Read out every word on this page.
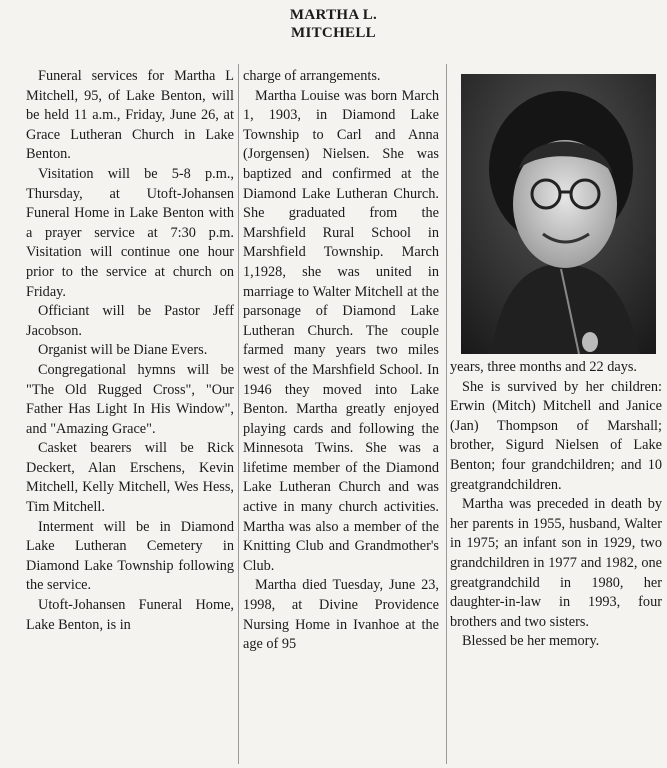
MARTHA L.
MITCHELL

Funeral services for Martha L Mitchell, 95, of Lake Benton, will be held 11 a.m., Friday, June 26, at Grace Lutheran Church in Lake Benton.

Visitation will be 5-8 p.m., Thursday, at Utoft-Johansen Funeral Home in Lake Benton with a prayer service at 7:30 p.m. Visitation will continue one hour prior to the service at church on Friday.

Officiant will be Pastor Jeff Jacobson.

Organist will be Diane Evers.

Congregational hymns will be "The Old Rugged Cross", "Our Father Has Light In His Window", and "Amazing Grace".

Casket bearers will be Rick Deckert, Alan Erschens, Kevin Mitchell, Kelly Mitchell, Wes Hess, Tim Mitchell.

Interment will be in Diamond Lake Lutheran Cemetery in Diamond Lake Township following the service.

Utoft-Johansen Funeral Home, Lake Benton, is in

charge of arrangements.

Martha Louise was born March 1, 1903, in Diamond Lake Township to Carl and Anna (Jorgensen) Nielsen. She was baptized and confirmed at the Diamond Lake Lutheran Church. She graduated from the Marshfield Rural School in Marshfield Township. March 1,1928, she was united in marriage to Walter Mitchell at the parsonage of Diamond Lake Lutheran Church. The couple farmed many years two miles west of the Marshfield School. In 1946 they moved into Lake Benton. Martha greatly enjoyed playing cards and following the Minnesota Twins. She was a lifetime member of the Diamond Lake Lutheran Church and was active in many church activities. Martha was also a member of the Knitting Club and Grandmother's Club.

Martha died Tuesday, June 23, 1998, at Divine Providence Nursing Home in Ivanhoe at the age of 95

years, three months and 22 days.

She is survived by her children: Erwin (Mitch) Mitchell and Janice (Jan) Thompson of Marshall; brother, Sigurd Nielsen of Lake Benton; four grandchildren; and 10 greatgrandchildren.

Martha was preceded in death by her parents in 1955, husband, Walter in 1975; an infant son in 1929, two grandchildren in 1977 and 1982, one greatgrandchild in 1980, her daughter-in-law in 1993, four brothers and two sisters.

Blessed be her memory.
